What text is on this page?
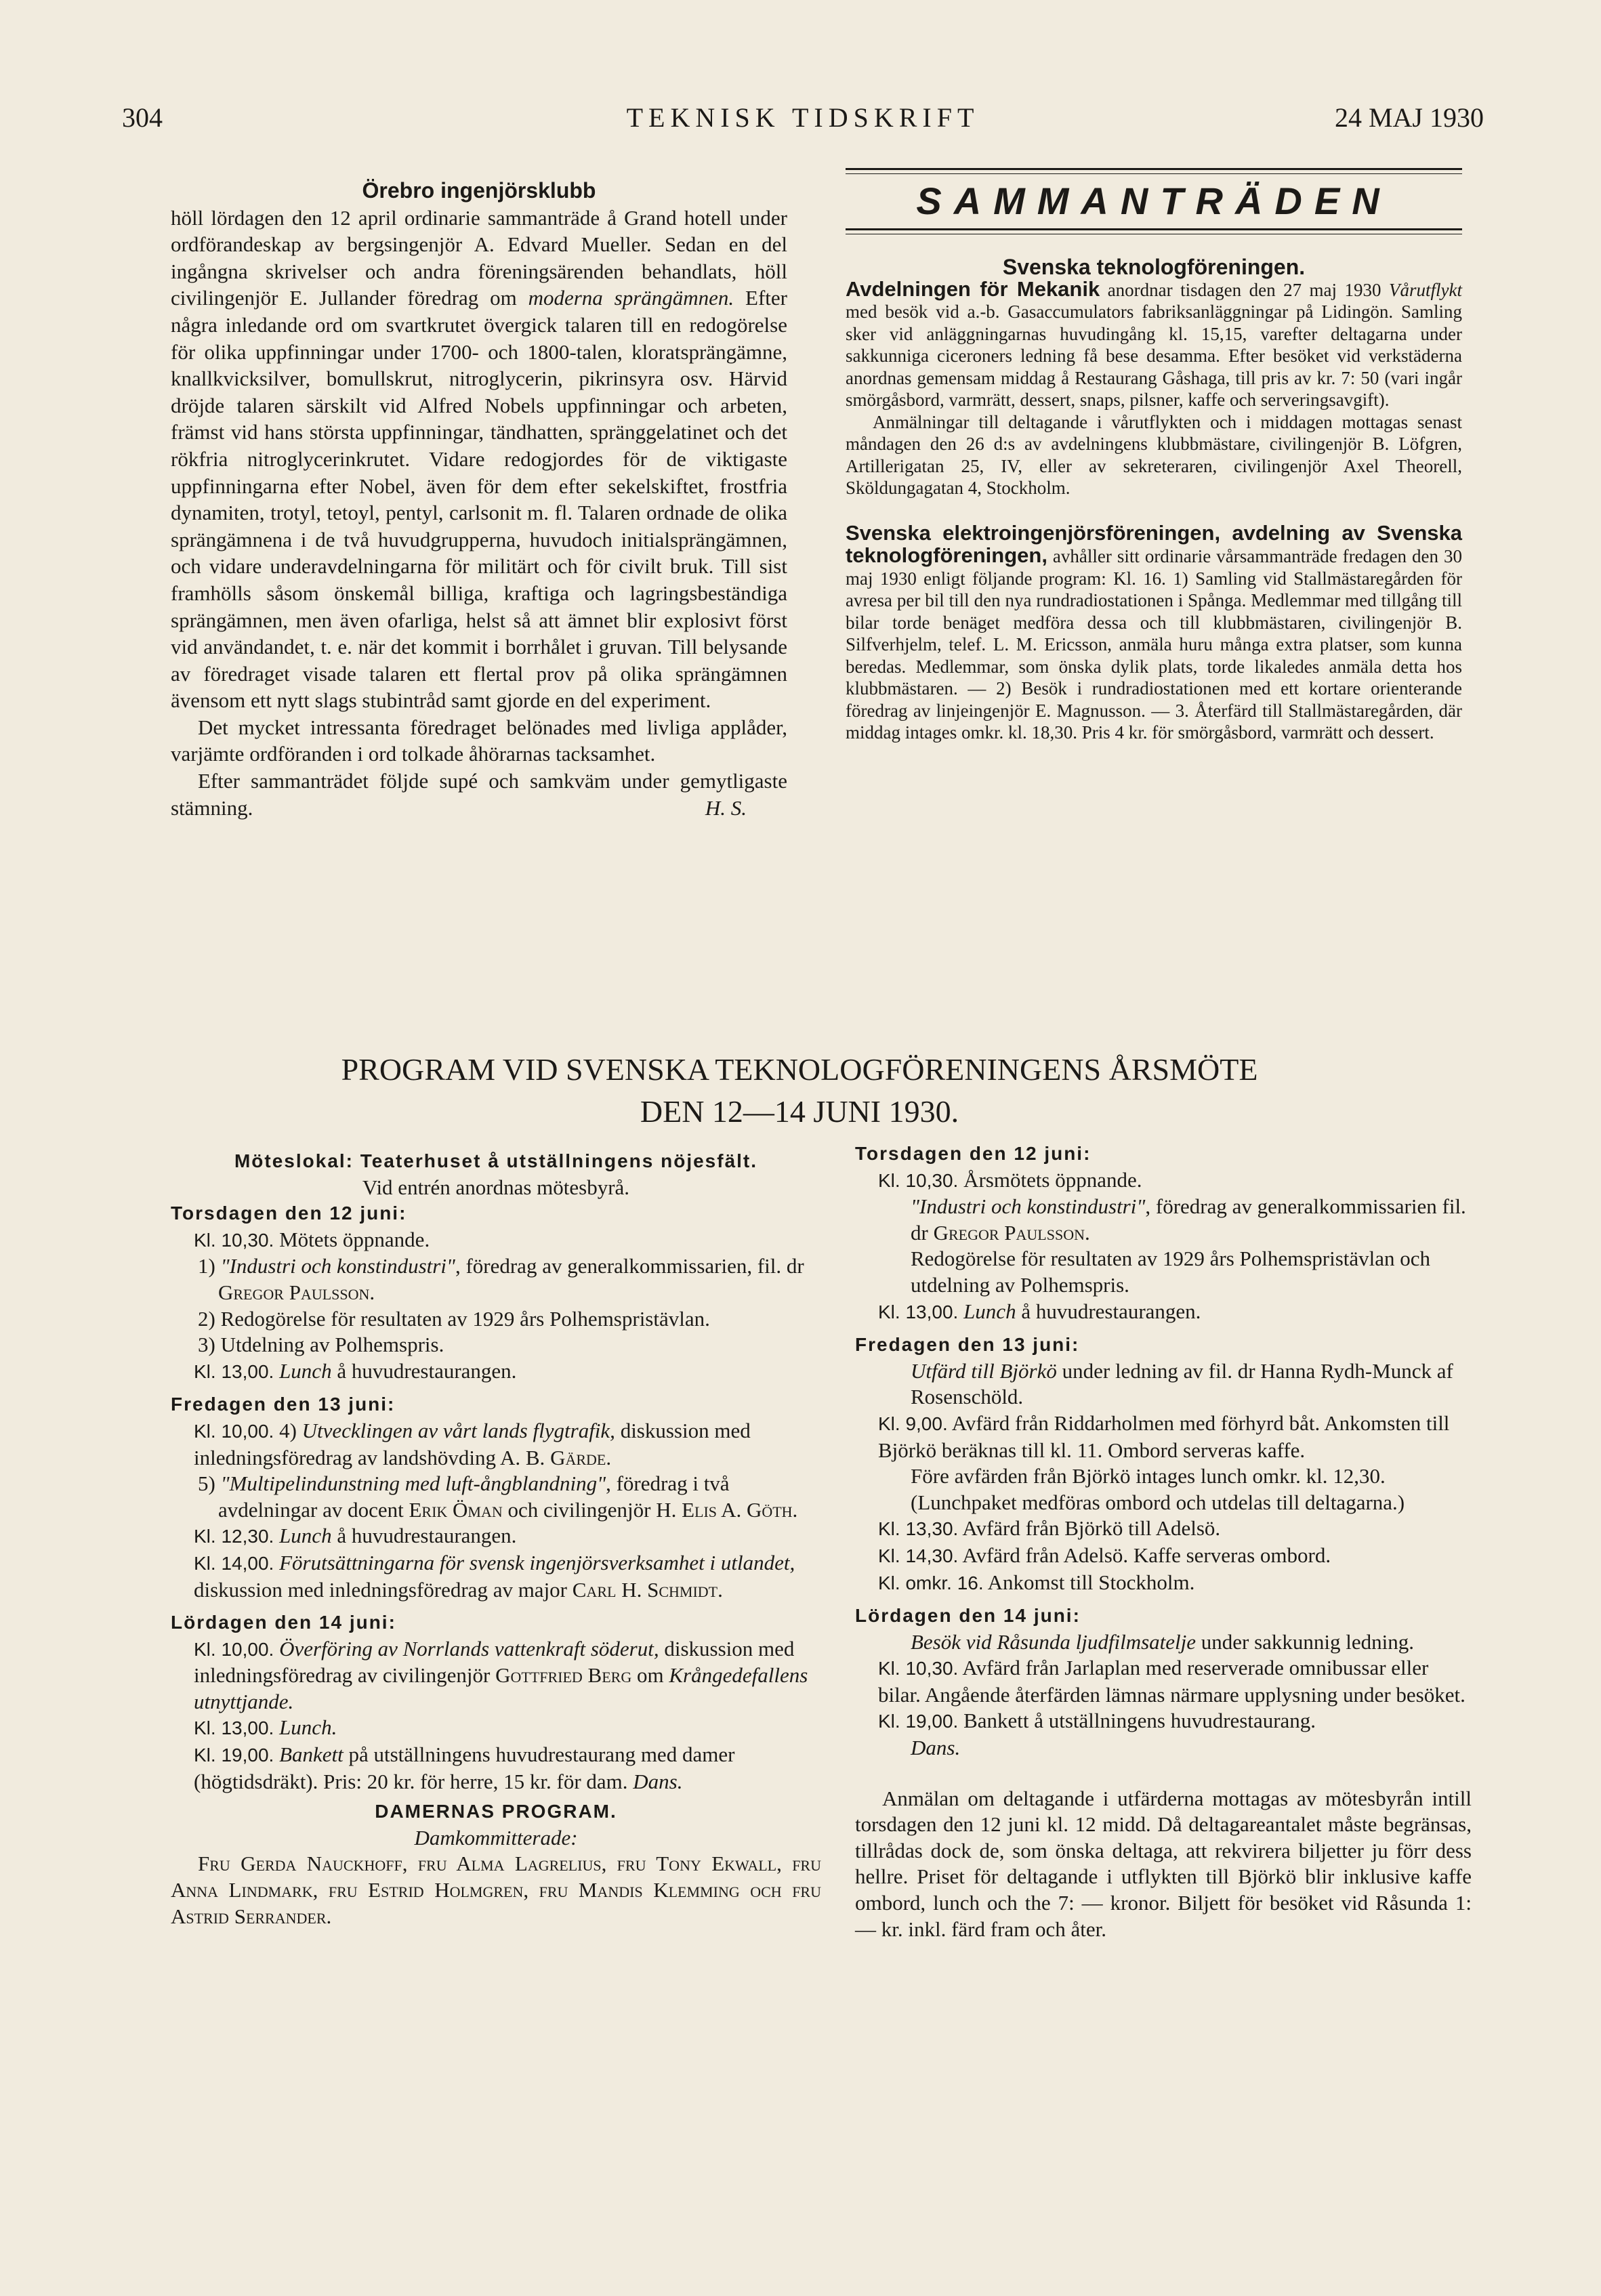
304	TEKNISK TIDSKRIFT	24 MAJ 1930

Örebro ingenjörsklubb

höll lördagen den 12 april ordinarie sammanträde å Grand hotell under ordförandeskap av bergsingenjör A. Edvard Mueller. Sedan en del ingångna skrivelser och andra föreningsärenden behandlats, höll civilingenjör E. Jullander föredrag om moderna sprängämnen. Efter några inledande ord om svartkrutet övergick talaren till en redogörelse för olika uppfinningar under 1700- och 1800-talen, kloratsprängämne, knallkvicksilver, bomullskrut, nitroglycerin, pikrinsyra osv. Härvid dröjde talaren särskilt vid Alfred Nobels uppfinningar och arbeten, främst vid hans största uppfinningar, tändhatten, spränggelatinet och det rökfria nitroglycerinkrutet. Vidare redogjordes för de viktigaste uppfinningarna efter Nobel, även för dem efter sekelskiftet, frostfria dynamiten, trotyl, tetoyl, pentyl, carlsonit m. fl. Talaren ordnade de olika sprängämnena i de två huvudgrupperna, huvudoch initialsprängämnen, och vidare underavdelningarna för militärt och för civilt bruk. Till sist framhölls såsom önskemål billiga, kraftiga och lagringsbeständiga sprängämnen, men även ofarliga, helst så att ämnet blir explosivt först vid användandet, t. e. när det kommit i borrhålet i gruvan. Till belysande av föredraget visade talaren ett flertal prov på olika sprängämnen ävensom ett nytt slags stubintråd samt gjorde en del experiment.

Det mycket intressanta föredraget belönades med livliga applåder, varjämte ordföranden i ord tolkade åhörarnas tacksamhet.

Efter sammanträdet följde supé och samkväm under gemytligaste stämning.	H. S.

SAMMANTRÄDEN

Svenska teknologföreningen.

Avdelningen för Mekanik anordnar tisdagen den 27 maj 1930 Vårutflykt med besök vid a.-b. Gasaccumulators fabriksanläggningar på Lidingön. Samling sker vid anläggningarnas huvudingång kl. 15,15, varefter deltagarna under sakkunniga ciceroners ledning få bese desamma. Efter besöket vid verkstäderna anordnas gemensam middag å Restaurang Gåshaga, till pris av kr. 7: 50 (vari ingår smörgåsbord, varmrätt, dessert, snaps, pilsner, kaffe och serveringsavgift).

Anmälningar till deltagande i vårutflykten och i middagen mottagas senast måndagen den 26 d:s av avdelningens klubbmästare, civilingenjör B. Löfgren, Artillerigatan 25, IV, eller av sekreteraren, civilingenjör Axel Theorell, Sköldungagatan 4, Stockholm.

Svenska elektroingenjörsföreningen, avdelning av Svenska teknologföreningen, avhåller sitt ordinarie vårsammanträde fredagen den 30 maj 1930 enligt följande program: Kl. 16. 1) Samling vid Stallmästaregården för avresa per bil till den nya rundradiostationen i Spånga. Medlemmar med tillgång till bilar torde benäget medföra dessa och till klubbmästaren, civilingenjör B. Silfverhjelm, telef. L. M. Ericsson, anmäla huru många extra platser, som kunna beredas. Medlemmar, som önska dylik plats, torde likaledes anmäla detta hos klubbmästaren. — 2) Besök i rundradiostationen med ett kortare orienterande föredrag av linjeingenjör E. Magnusson. — 3. Återfärd till Stallmästaregården, där middag intages omkr. kl. 18,30. Pris 4 kr. för smörgåsbord, varmrätt och dessert.

PROGRAM VID SVENSKA TEKNOLOGFÖRENINGENS ÅRSMÖTE
DEN 12—14 JUNI 1930.

Möteslokal: Teaterhuset å utställningens nöjesfält.

Vid entrén anordnas mötesbyrå.

Torsdagen den 12 juni:

Kl. 10,30. Mötets öppnande.

1) "Industri och konstindustri", föredrag av generalkommissarien, fil. dr Gregor Paulsson.

2) Redogörelse för resultaten av 1929 års Polhemspristävlan.

3) Utdelning av Polhemspris.

Kl. 13,00. Lunch å huvudrestaurangen.

Fredagen den 13 juni:

Kl. 10,00. 4) Utvecklingen av vårt lands flygtrafik, diskussion med inledningsföredrag av landshövding A. B. Gärde.

5) "Multipelindunstning med luft-ångblandning", föredrag i två avdelningar av docent Erik Öman och civilingenjör H. Elis A. Göth.

Kl. 12,30. Lunch å huvudrestaurangen.

Kl. 14,00. Förutsättningarna för svensk ingenjörsverksamhet i utlandet, diskussion med inledningsföredrag av major Carl H. Schmidt.

Lördagen den 14 juni:

Kl. 10,00. Överföring av Norrlands vattenkraft söderut, diskussion med inledningsföredrag av civilingenjör Gottfried Berg om Krångedefallens utnyttjande.

Kl. 13,00. Lunch.

Kl. 19,00. Bankett på utställningens huvudrestaurang med damer (högtidsdräkt). Pris: 20 kr. för herre, 15 kr. för dam. Dans.

DAMERNAS PROGRAM.

Damkommitterade:

Fru Gerda Nauckhoff, fru Alma Lagrelius, fru Tony Ekwall, fru Anna Lindmark, fru Estrid Holmgren, fru Mandis Klemming och fru Astrid Serrander.

Torsdagen den 12 juni:

Kl. 10,30. Årsmötets öppnande.

"Industri och konstindustri", föredrag av generalkommissarien fil. dr Gregor Paulsson.

Redogörelse för resultaten av 1929 års Polhemspristävlan och utdelning av Polhemspris.

Kl. 13,00. Lunch å huvudrestaurangen.

Fredagen den 13 juni:

Utfärd till Björkö under ledning av fil. dr Hanna Rydh-Munck af Rosenschöld.

Kl. 9,00. Avfärd från Riddarholmen med förhyrd båt. Ankomsten till Björkö beräknas till kl. 11. Ombord serveras kaffe.

Före avfärden från Björkö intages lunch omkr. kl. 12,30. (Lunchpaket medföras ombord och utdelas till deltagarna.)

Kl. 13,30. Avfärd från Björkö till Adelsö.

Kl. 14,30. Avfärd från Adelsö. Kaffe serveras ombord.

Kl. omkr. 16. Ankomst till Stockholm.

Lördagen den 14 juni:

Besök vid Råsunda ljudfilmsatelje under sakkunnig ledning.

Kl. 10,30. Avfärd från Jarlaplan med reserverade omnibussar eller bilar. Angående återfärden lämnas närmare upplysning under besöket.

Kl. 19,00. Bankett å utställningens huvudrestaurang.

Dans.

Anmälan om deltagande i utfärderna mottagas av mötesbyrån intill torsdagen den 12 juni kl. 12 midd. Då deltagareantalet måste begränsas, tillrådas dock de, som önska deltaga, att rekvirera biljetter ju förr dess hellre. Priset för deltagande i utflykten till Björkö blir inklusive kaffe ombord, lunch och the 7: — kronor. Biljett för besöket vid Råsunda 1: — kr. inkl. färd fram och åter.
